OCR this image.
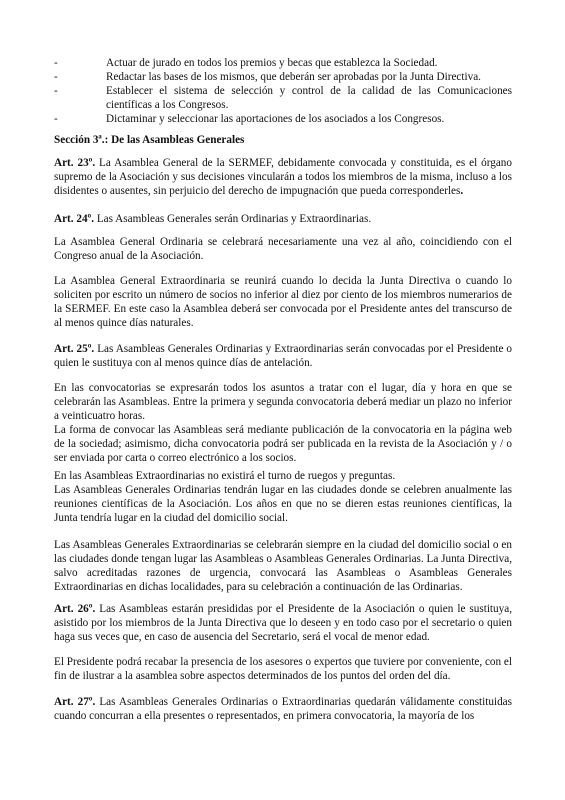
-	Actuar de jurado en todos los premios y becas que establezca la Sociedad.
-	Redactar las bases de los mismos, que deberán ser aprobadas por la Junta Directiva.
-	Establecer el sistema de selección y control de la calidad de las Comunicaciones científicas a los Congresos.
-	Dictaminar y seleccionar las aportaciones de los asociados a los Congresos.
Sección 3ª.: De las Asambleas Generales

Art. 23º. La Asamblea General de la SERMEF, debidamente convocada y constituida, es el órgano supremo de la Asociación y sus decisiones vincularán a todos los miembros de la misma, incluso a los disidentes o ausentes, sin perjuicio del derecho de impugnación que pueda corresponderles.

Art. 24º. Las Asambleas Generales serán Ordinarias y Extraordinarias.

La Asamblea General Ordinaria se celebrará necesariamente una vez al año, coincidiendo con el Congreso anual de la Asociación.

La Asamblea General Extraordinaria se reunirá cuando lo decida la Junta Directiva o cuando lo soliciten por escrito un número de socios no inferior al diez por ciento de los miembros numerarios de la SERMEF. En este caso la Asamblea deberá ser convocada por el Presidente antes del transcurso de al menos quince días naturales.

Art. 25º. Las Asambleas Generales Ordinarias y Extraordinarias serán convocadas por el Presidente o quien le sustituya con al menos quince días de antelación.

En las convocatorias se expresarán todos los asuntos a tratar con el lugar, día y hora en que se celebrarán las Asambleas. Entre la primera y segunda convocatoria deberá mediar un plazo no inferior a veinticuatro horas.

La forma de convocar las Asambleas será mediante publicación de la convocatoria en la página web de la sociedad; asimismo, dicha convocatoria podrá ser publicada en la revista de la Asociación y / o ser enviada por carta o correo electrónico a los socios.

En las Asambleas Extraordinarias no existirá el turno de ruegos y preguntas.

Las Asambleas Generales Ordinarias tendrán lugar en las ciudades donde se celebren anualmente las reuniones científicas de la Asociación. Los años en que no se dieren estas reuniones científicas, la Junta tendría lugar en la ciudad del domicilio social.

Las Asambleas Generales Extraordinarias se celebrarán siempre en la ciudad del domicilio social o en las ciudades donde tengan lugar las Asambleas o Asambleas Generales Ordinarias. La Junta Directiva, salvo acreditadas razones de urgencia, convocará las Asambleas o Asambleas Generales Extraordinarias en dichas localidades, para su celebración a continuación de las Ordinarias.

Art. 26º. Las Asambleas estarán presididas por el Presidente de la Asociación o quien le sustituya, asistido por los miembros de la Junta Directiva que lo deseen y en todo caso por el secretario o quien haga sus veces que, en caso de ausencia del Secretario, será el vocal de menor edad.

El Presidente podrá recabar la presencia de los asesores o expertos que tuviere por conveniente, con el fin de ilustrar a la asamblea sobre aspectos determinados de los puntos del orden del día.

Art. 27º. Las Asambleas Generales Ordinarias o Extraordinarias quedarán válidamente constituidas cuando concurran a ella presentes o representados, en primera convocatoria, la mayoría de los
